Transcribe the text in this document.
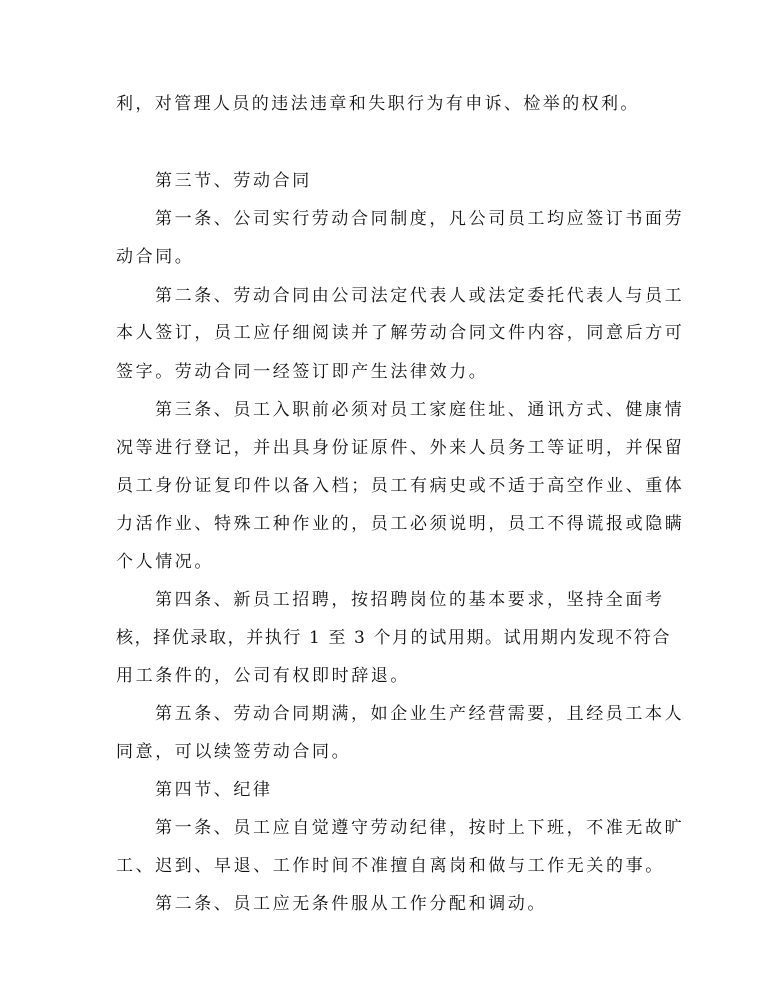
利，对管理人员的违法违章和失职行为有申诉、检举的权利。
第三节、劳动合同
第一条、公司实行劳动合同制度，凡公司员工均应签订书面劳
动合同。
第二条、劳动合同由公司法定代表人或法定委托代表人与员工
本人签订，员工应仔细阅读并了解劳动合同文件内容，同意后方可
签字。劳动合同一经签订即产生法律效力。
第三条、员工入职前必须对员工家庭住址、通讯方式、健康情
况等进行登记，并出具身份证原件、外来人员务工等证明，并保留
员工身份证复印件以备入档；员工有病史或不适于高空作业、重体
力活作业、特殊工种作业的，员工必须说明，员工不得谎报或隐瞒
个人情况。
第四条、新员工招聘，按招聘岗位的基本要求，坚持全面考
核，择优录取，并执行 1 至 3 个月的试用期。试用期内发现不符合
用工条件的，公司有权即时辞退。
第五条、劳动合同期满，如企业生产经营需要，且经员工本人
同意，可以续签劳动合同。
第四节、纪律
第一条、员工应自觉遵守劳动纪律，按时上下班，不准无故旷
工、迟到、早退、工作时间不准擅自离岗和做与工作无关的事。
第二条、员工应无条件服从工作分配和调动。
